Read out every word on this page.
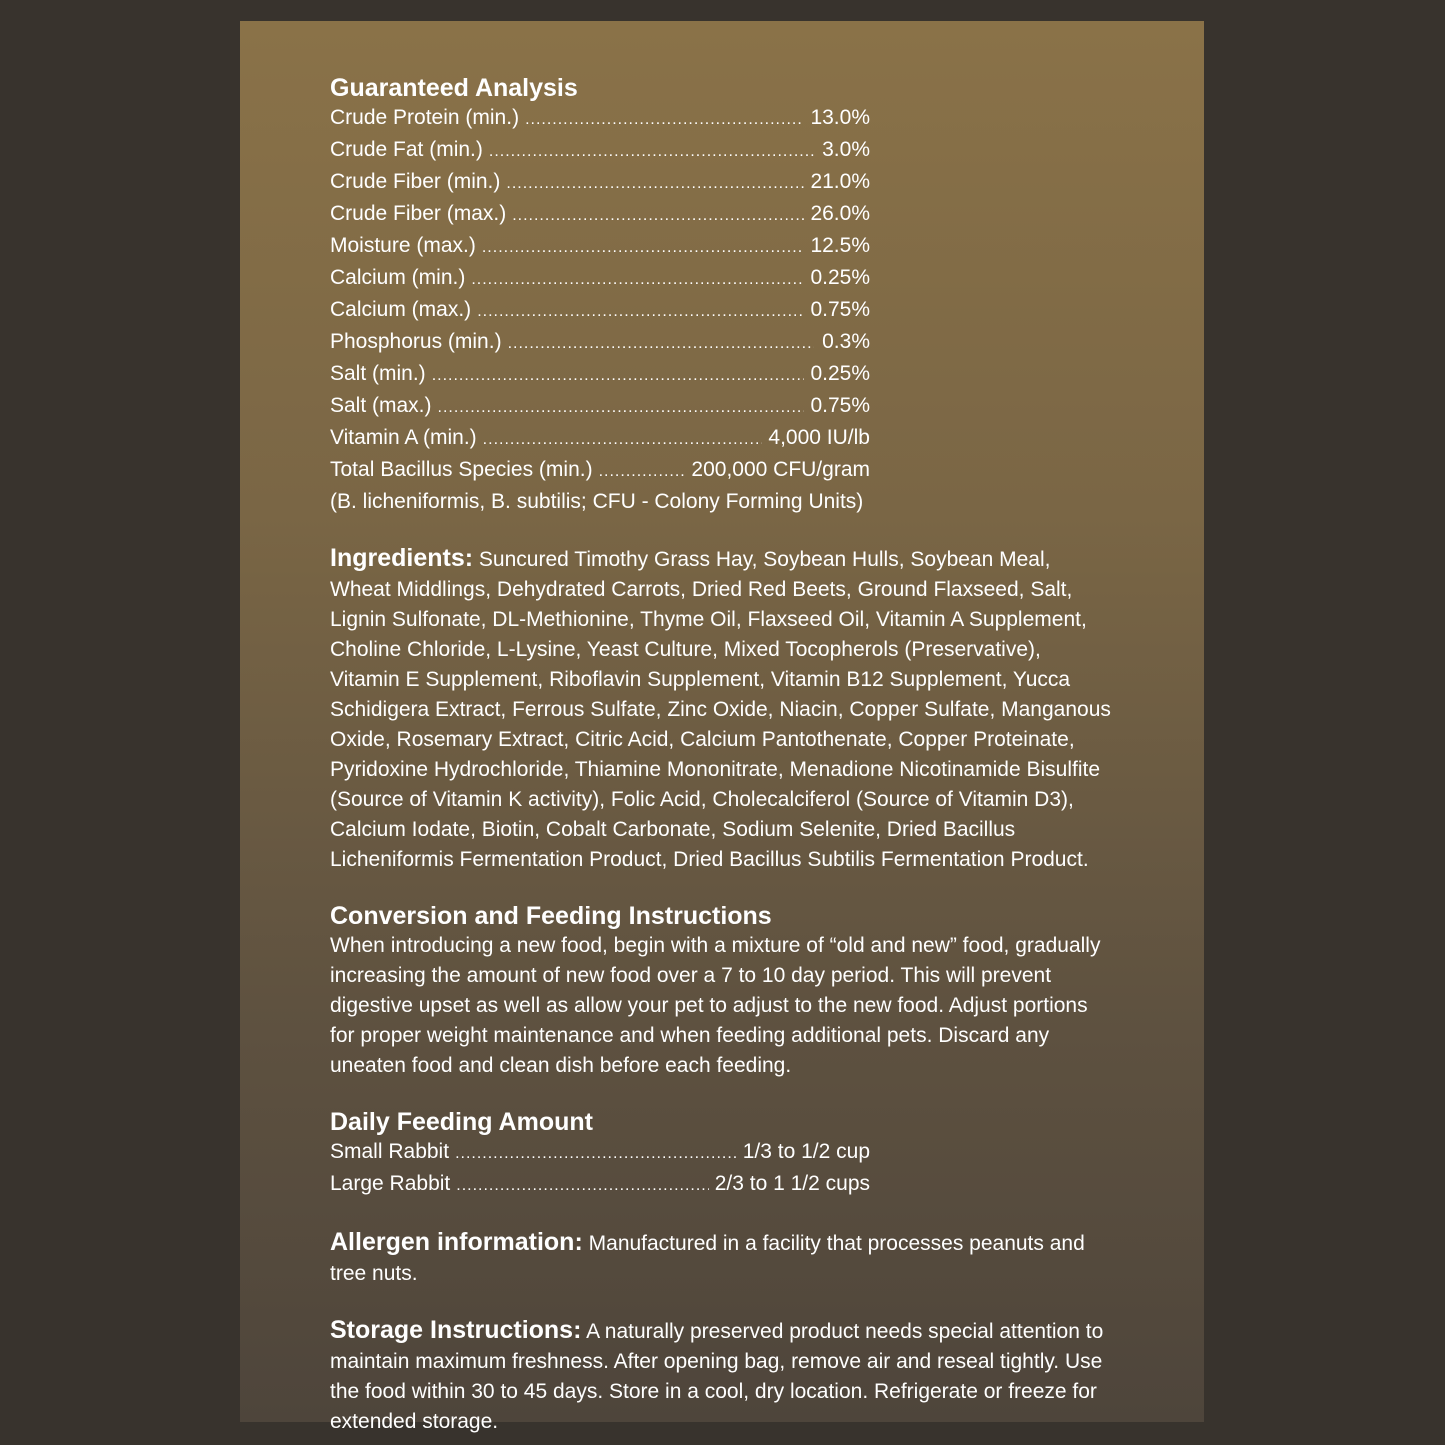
Guaranteed Analysis
Crude Protein (min.) .....	13.0%
Crude Fat (min.) .....	3.0%
Crude Fiber (min.) .....	21.0%
Crude Fiber (max.) .....	26.0%
Moisture (max.) .....	12.5%
Calcium (min.) .....	0.25%
Calcium (max.) .....	0.75%
Phosphorus (min.) .....	0.3%
Salt (min.) .....	0.25%
Salt (max.) .....	0.75%
Vitamin A (min.) .....	4,000 IU/lb
Total Bacillus Species (min.) .....	200,000 CFU/gram
(B. licheniformis, B. subtilis; CFU - Colony Forming Units)

Ingredients: Suncured Timothy Grass Hay, Soybean Hulls, Soybean Meal, Wheat Middlings, Dehydrated Carrots, Dried Red Beets, Ground Flaxseed, Salt, Lignin Sulfonate, DL-Methionine, Thyme Oil, Flaxseed Oil, Vitamin A Supplement, Choline Chloride, L-Lysine, Yeast Culture, Mixed Tocopherols (Preservative), Vitamin E Supplement, Riboflavin Supplement, Vitamin B12 Supplement, Yucca Schidigera Extract, Ferrous Sulfate, Zinc Oxide, Niacin, Copper Sulfate, Manganous Oxide, Rosemary Extract, Citric Acid, Calcium Pantothenate, Copper Proteinate, Pyridoxine Hydrochloride, Thiamine Mononitrate, Menadione Nicotinamide Bisulfite (Source of Vitamin K activity), Folic Acid, Cholecalciferol (Source of Vitamin D3), Calcium Iodate, Biotin, Cobalt Carbonate, Sodium Selenite, Dried Bacillus Licheniformis Fermentation Product, Dried Bacillus Subtilis Fermentation Product.

Conversion and Feeding Instructions

When introducing a new food, begin with a mixture of “old and new” food, gradually increasing the amount of new food over a 7 to 10 day period. This will prevent digestive upset as well as allow your pet to adjust to the new food. Adjust portions for proper weight maintenance and when feeding additional pets. Discard any uneaten food and clean dish before each feeding.

Daily Feeding Amount
Small Rabbit .....	1/3 to 1/2 cup
Large Rabbit .....	2/3 to 1 1/2 cups

Allergen information: Manufactured in a facility that processes peanuts and tree nuts.

Storage Instructions: A naturally preserved product needs special attention to maintain maximum freshness. After opening bag, remove air and reseal tightly. Use the food within 30 to 45 days. Store in a cool, dry location. Refrigerate or freeze for extended storage.
